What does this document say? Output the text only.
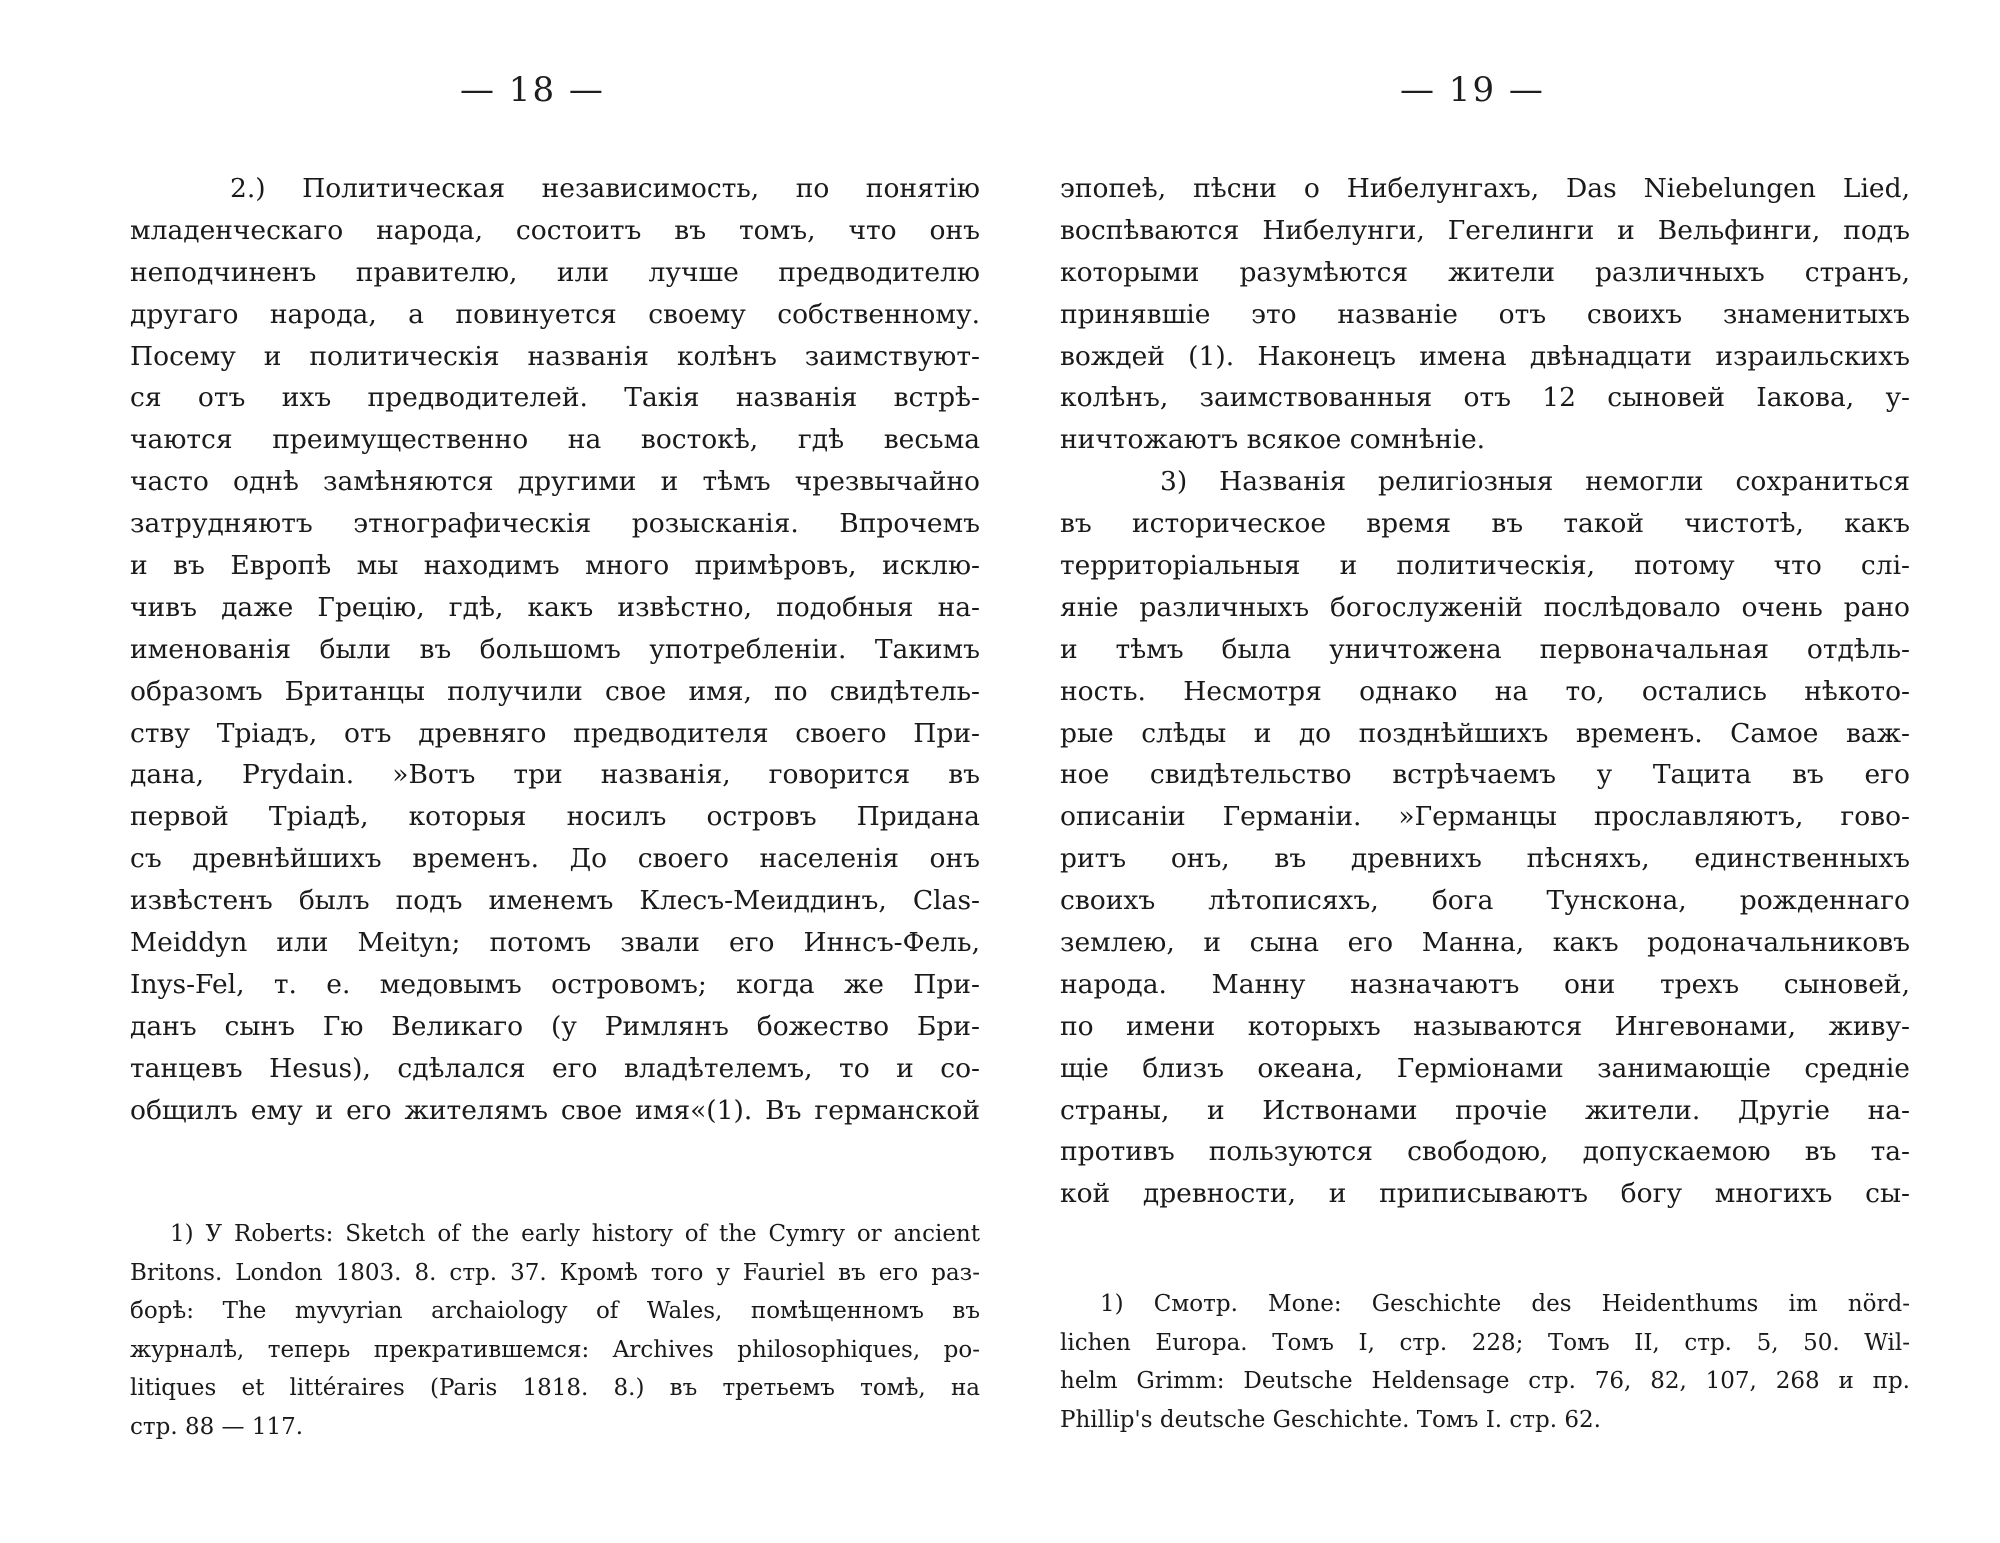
— 18 —
2.) Политическая независимость, по понятію
младенческаго народа, состоитъ въ томъ, что онъ
неподчиненъ правителю, или лучше предводителю
другаго народа, а повинуется своему собственному.
Посему и политическія названія колѣнъ заимствуют-
ся отъ ихъ предводителей. Такія названія встрѣ-
чаются преимущественно на востокѣ, гдѣ весьма
часто однѣ замѣняются другими и тѣмъ чрезвычайно
затрудняютъ этнографическія розысканія. Впрочемъ
и въ Европѣ мы находимъ много примѣровъ, исклю-
чивъ даже Грецію, гдѣ, какъ извѣстно, подобныя на-
именованія были въ большомъ употребленіи. Такимъ
образомъ Британцы получили свое имя, по свидѣтель-
ству Тріадъ, отъ древняго предводителя своего При-
дана, Prydain. »Вотъ три названія, говорится въ
первой Тріадѣ, которыя носилъ островъ Придана
съ древнѣйшихъ временъ. До своего населенія онъ
извѣстенъ былъ подъ именемъ Клесъ-Меиддинъ, Clas-
Meiddyn или Meityn; потомъ звали его Иннсъ-Фель,
Inys-Fel, т. е. медовымъ островомъ; когда же При-
данъ сынъ Гю Великаго (у Римлянъ божество Бри-
танцевъ Hesus), сдѣлался его владѣтелемъ, то и со-
общилъ ему и его жителямъ свое имя«(1). Въ германской
1) У Roberts: Sketch of the early history of the Cymry or ancient
Britons. London 1803. 8. стр. 37. Кромѣ того у Fauriel въ его раз-
борѣ: The myvyrian archaiology of Wales, помѣщенномъ въ
журналѣ, теперь прекратившемся: Archives philosophiques, po-
litiques et littéraires (Paris 1818. 8.) въ третьемъ томѣ, на
стр. 88 — 117.
— 19 —
эпопеѣ, пѣсни о Нибелунгахъ, Das Niebelungen Lied,
воспѣваются Нибелунги, Гегелинги и Вельфинги, подъ
которыми разумѣются жители различныхъ странъ,
принявшіе это названіе отъ своихъ знаменитыхъ
вождей (1). Наконецъ имена двѣнадцати израильскихъ
колѣнъ, заимствованныя отъ 12 сыновей Іакова, у-
ничтожаютъ всякое сомнѣніе.
3) Названія религіозныя немогли сохраниться
въ историческое время въ такой чистотѣ, какъ
территоріальныя и политическія, потому что слі-
яніе различныхъ богослуженій послѣдовало очень рано
и тѣмъ была уничтожена первоначальная отдѣль-
ность. Несмотря однако на то, остались нѣкото-
рые слѣды и до позднѣйшихъ временъ. Самое важ-
ное свидѣтельство встрѣчаемъ у Тацита въ его
описаніи Германіи. »Германцы прославляютъ, гово-
ритъ онъ, въ древнихъ пѣсняхъ, единственныхъ
своихъ лѣтописяхъ, бога Тунскона, рожденнаго
землею, и сына его Манна, какъ родоначальниковъ
народа. Манну назначаютъ они трехъ сыновей,
по имени которыхъ называются Ингевонами, живу-
щіе близъ океана, Герміонами занимающіе средніе
страны, и Иствонами прочіе жители. Другіе на-
противъ пользуются свободою, допускаемою въ та-
кой древности, и приписываютъ богу многихъ сы-
1) Смотр. Mone: Geschichte des Heidenthums im nörd-
lichen Europa. Томъ I, стр. 228; Томъ II, стр. 5, 50. Wil-
helm Grimm: Deutsche Heldensage стр. 76, 82, 107, 268 и пр.
Phillip's deutsche Geschichte. Томъ I. стр. 62.
